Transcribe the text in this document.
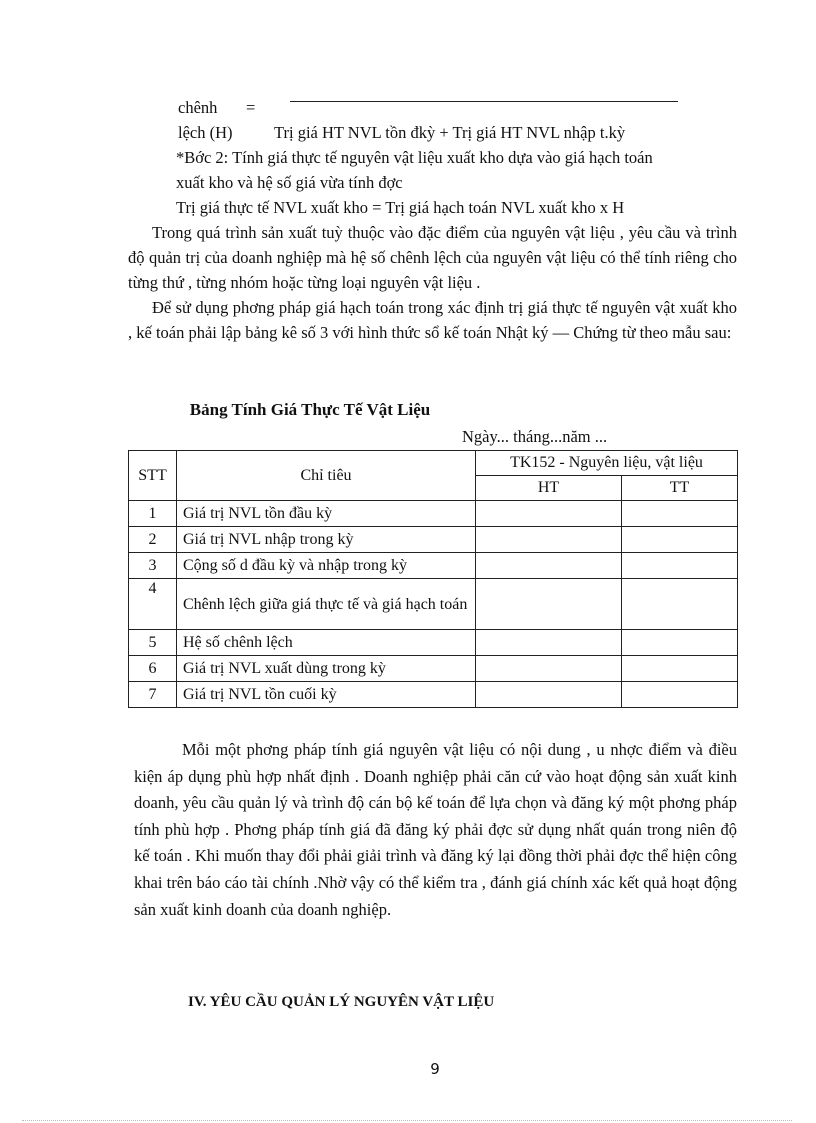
chênh =
lệch (H)	Trị giá HT NVL tồn đkỳ + Trị giá HT NVL nhập t.kỳ

*Bớc 2: Tính giá thực tế nguyên vật liệu xuất kho dựa vào giá hạch toán

xuất kho và hệ số giá vừa tính đợc

Trị giá thực tế NVL xuất kho = Trị giá hạch toán NVL xuất kho x H

Trong quá trình sản xuất tuỳ thuộc vào đặc điểm của nguyên vật liệu , yêu cầu và trình độ quản trị của doanh nghiệp mà hệ số chênh lệch của nguyên vật liệu có thể tính riêng cho từng thứ , từng nhóm hoặc từng loại nguyên vật liệu .

Để sử dụng phơng pháp giá hạch toán trong xác định trị giá thực tế nguyên vật xuất kho , kế toán phải lập bảng kê số 3 với hình thức sổ kế toán Nhật ký — Chứng từ theo mẫu sau:

Bảng Tính Giá Thực Tế Vật Liệu
Ngày... tháng...năm ...
STT	Chỉ tiêu	TK152 - Nguyên liệu, vật liệu	
		HT	TT
1	Giá trị NVL tồn đầu kỳ		
2	Giá trị NVL nhập trong kỳ		
3	Cộng số d đầu kỳ và nhập trong kỳ		
4	Chênh lệch giữa giá thực tế và giá hạch toán		
5	Hệ số chênh lệch		
6	Giá trị NVL xuất dùng trong kỳ		
7	Giá trị NVL tồn cuối kỳ		

Mỗi một phơng pháp tính giá nguyên vật liệu có nội dung , u nhợc điểm và điều kiện áp dụng phù hợp nhất định . Doanh nghiệp phải căn cứ vào hoạt động sản xuất kinh doanh, yêu cầu quản lý và trình độ cán bộ kế toán để lựa chọn và đăng ký một phơng pháp tính phù hợp . Phơng pháp tính giá đã đăng ký phải đợc sử dụng nhất quán trong niên độ kế toán . Khi muốn thay đổi phải giải trình và đăng ký lại đồng thời phải đợc thể hiện công khai trên báo cáo tài chính .Nhờ vậy có thể kiểm tra , đánh giá chính xác kết quả hoạt động sản xuất kinh doanh của doanh nghiệp.

IV. YÊU CẦU QUẢN LÝ NGUYÊN VẬT LIỆU
9
